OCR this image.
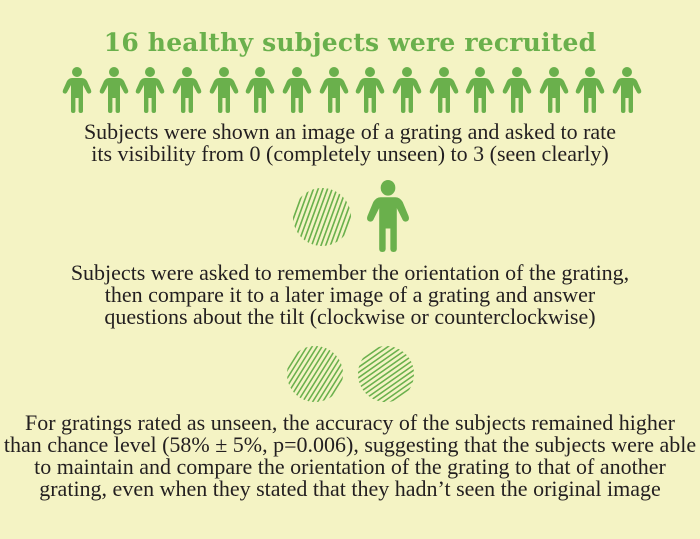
16 healthy subjects were recruited
Subjects were shown an image of a grating and asked to rate
its visibility from 0 (completely unseen) to 3 (seen clearly)
Subjects were asked to remember the orientation of the grating,
then compare it to a later image of a grating and answer
questions about the tilt (clockwise or counterclockwise)
For gratings rated as unseen, the accuracy of the subjects remained higher
than chance level (58% ± 5%, p=0.006), suggesting that the subjects were able
to maintain and compare the orientation of the grating to that of another
grating, even when they stated that they hadn’t seen the original image
